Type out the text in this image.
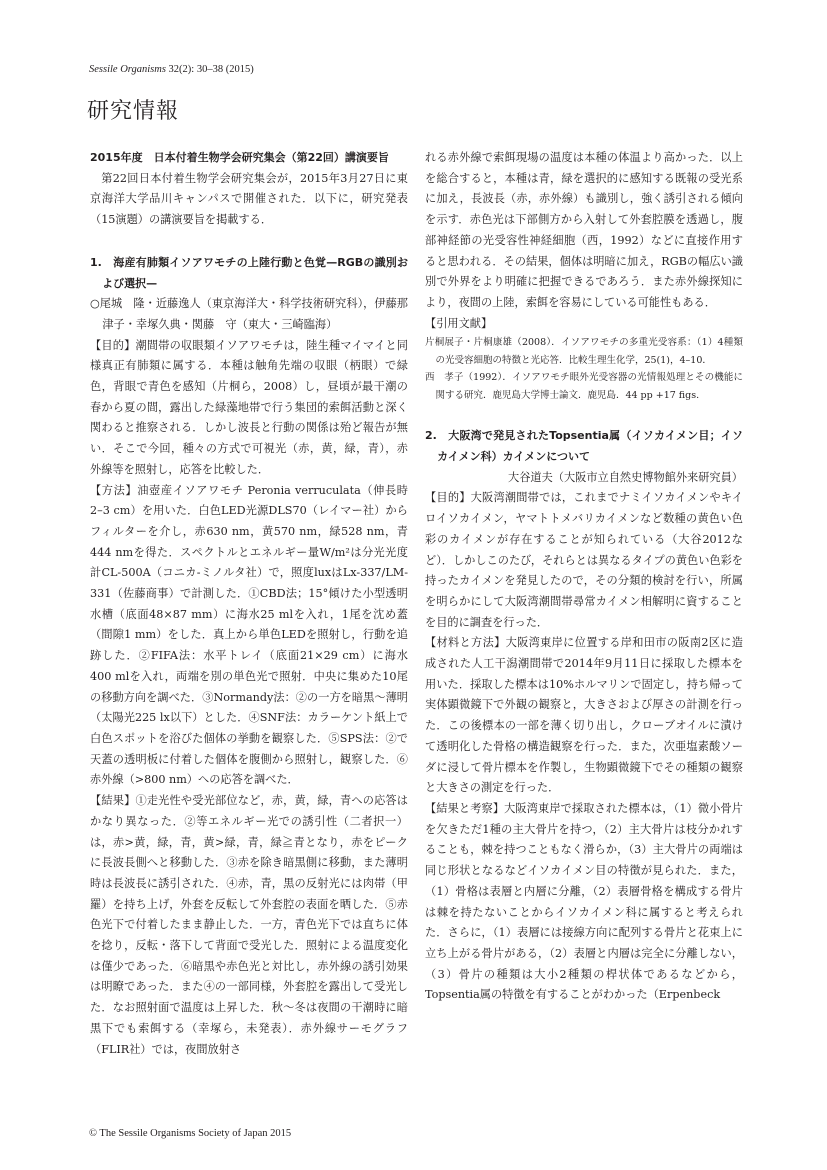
Sessile Organisms 32(2): 30–38 (2015)
研究情報

2015年度　日本付着生物学会研究集会（第22回）講演要旨

第22回日本付着生物学会研究集会が，2015年3月27日に東京海洋大学品川キャンパスで開催された．以下に，研究発表（15演題）の講演要旨を掲載する．

1.　海産有肺類イソアワモチの上陸行動と色覚—RGBの識別および選択—

○尾城　隆・近藤逸人（東京海洋大・科学技術研究科），伊藤那津子・幸塚久典・関藤　守（東大・三崎臨海）

【目的】潮間帯の収眼類イソアワモチは，陸生種マイマイと同様真正有肺類に属する．本種は触角先端の収眼（柄眼）で緑色，背眼で青色を感知（片桐ら，2008）し，昼頃が最干潮の春から夏の間，露出した緑藻地帯で行う集団的索餌活動と深く関わると推察される．しかし波長と行動の関係は殆ど報告が無い．そこで今回，種々の方式で可視光（赤，黄，緑，青），赤外線等を照射し，応答を比較した．

【方法】油壺産イソアワモチ Peronia verruculata（伸長時2–3 cm）を用いた．白色LED光源DLS70（レイマー社）からフィルターを介し，赤630 nm，黄570 nm，緑528 nm，青444 nmを得た．スペクトルとエネルギー量W/m²は分光光度計CL-500A（コニカ-ミノルタ社）で，照度luxはLx-337/LM-331（佐藤商事）で計測した．①CBD法；15°傾けた小型透明水槽（底面48×87 mm）に海水25 mlを入れ，1尾を沈め蓋（間隙1 mm）をした．真上から単色LEDを照射し，行動を追跡した．②FIFA法：水平トレイ（底面21×29 cm）に海水400 mlを入れ，両端を別の単色光で照射．中央に集めた10尾の移動方向を調べた．③Normandy法：②の一方を暗黒〜薄明（太陽光225 lx以下）とした．④SNF法：カラーケント紙上で白色スポットを浴びた個体の挙動を観察した．⑤SPS法：②で天蓋の透明板に付着した個体を腹側から照射し，観察した．⑥赤外線（>800 nm）への応答を調べた．

【結果】①走光性や受光部位など，赤，黄，緑，青への応答はかなり異なった．②等エネルギー光での誘引性（二者択一）は，赤>黄，緑，青，黄>緑，青，緑≧青となり，赤をピークに長波長側へと移動した．③赤を除き暗黒側に移動，また薄明時は長波長に誘引された．④赤，青，黒の反射光には肉帯（甲羅）を持ち上げ，外套を反転して外套腔の表面を晒した．⑤赤色光下で付着したまま静止した．一方，青色光下では直ちに体を捻り，反転・落下して背面で受光した．照射による温度変化は僅少であった．⑥暗黒や赤色光と対比し，赤外線の誘引効果は明瞭であった．また④の一部同様，外套腔を露出して受光した．なお照射面で温度は上昇した．秋〜冬は夜間の干潮時に暗黒下でも索餌する（幸塚ら，未発表）．赤外線サーモグラフ（FLIR社）では，夜間放射さ

れる赤外線で索餌現場の温度は本種の体温より高かった．以上を総合すると，本種は青，緑を選択的に感知する既報の受光系に加え，長波長（赤，赤外線）も識別し，強く誘引される傾向を示す．赤色光は下部側方から入射して外套腔膜を透過し，腹部神経節の光受容性神経細胞（西，1992）などに直接作用すると思われる．その結果，個体は明暗に加え，RGBの幅広い識別で外界をより明確に把握できるであろう．また赤外線探知により，夜間の上陸，索餌を容易にしている可能性もある．

【引用文献】

片桐展子・片桐康雄（2008）．イソアワモチの多重光受容系：（1）4種類の光受容細胞の特徴と光応答．比較生理生化学，25(1)，4–10．

西　孝子（1992）．イソアワモチ眼外光受容器の光情報処理とその機能に関する研究．鹿児島大学博士論文．鹿児島．44 pp +17 figs.

2.　大阪湾で発見されたTopsentia属（イソカイメン目；イソカイメン科）カイメンについて

大谷道夫（大阪市立自然史博物館外来研究員）

【目的】大阪湾潮間帯では，これまでナミイソカイメンやキイロイソカイメン，ヤマトトメバリカイメンなど数種の黄色い色彩のカイメンが存在することが知られている（大谷2012など）．しかしこのたび，それらとは異なるタイプの黄色い色彩を持ったカイメンを発見したので，その分類的検討を行い，所属を明らかにして大阪湾潮間帯尋常カイメン相解明に資することを目的に調査を行った．

【材料と方法】大阪湾東岸に位置する岸和田市の阪南2区に造成された人工干潟潮間帯で2014年9月11日に採取した標本を用いた．採取した標本は10%ホルマリンで固定し，持ち帰って実体顕微鏡下で外観の観察と，大きさおよび厚さの計測を行った．この後標本の一部を薄く切り出し，クローブオイルに漬けて透明化した骨格の構造観察を行った．また，次亜塩素酸ソーダに浸して骨片標本を作製し，生物顕微鏡下でその種類の観察と大きさの測定を行った．

【結果と考察】大阪湾東岸で採取された標本は，（1）微小骨片を欠きただ1種の主大骨片を持つ，（2）主大骨片は枝分かれすることも，棘を持つこともなく滑らか，（3）主大骨片の両端は同じ形状となるなどイソカイメン目の特徴が見られた．また，（1）骨格は表層と内層に分離，（2）表層骨格を構成する骨片は棘を持たないことからイソカイメン科に属すると考えられた．さらに，（1）表層には接線方向に配列する骨片と花束上に立ち上がる骨片がある，（2）表層と内層は完全に分離しない，（3）骨片の種類は大小2種類の桿状体であるなどから，Topsentia属の特徴を有することがわかった（Erpenbeck

© The Sessile Organisms Society of Japan 2015
